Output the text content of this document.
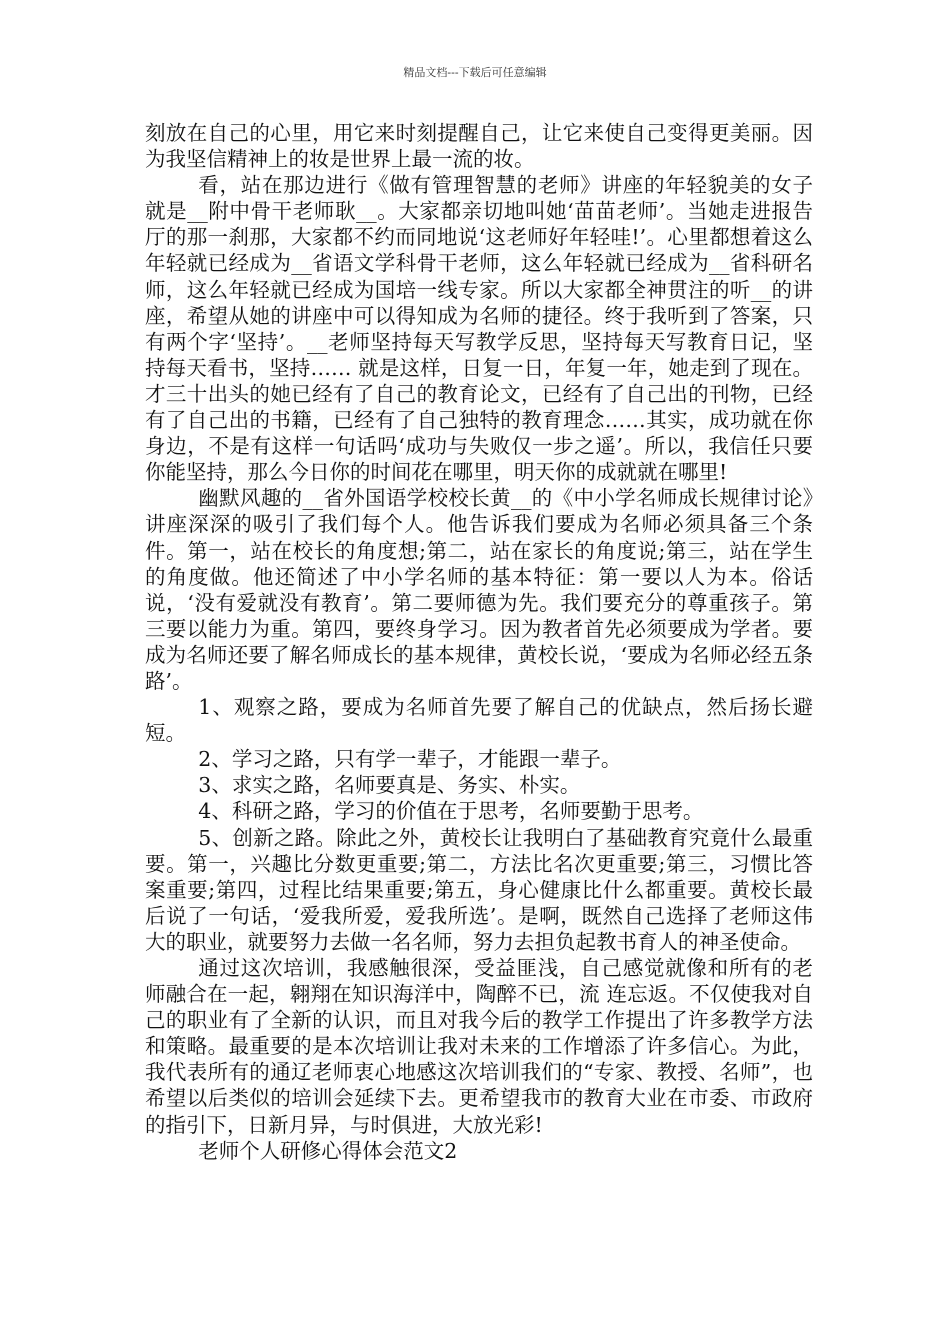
精品文档---下载后可任意编辑

刻放在自己的心里，用它来时刻提醒自己，让它来使自己变得更美丽。因为我坚信精神上的妆是世界上最一流的妆。

看，站在那边进行《做有管理智慧的老师》讲座的年轻貌美的女子就是__附中骨干老师耿__。大家都亲切地叫她‘苗苗老师’。当她走进报告厅的那一刹那，大家都不约而同地说‘这老师好年轻哇!’。心里都想着这么年轻就已经成为__省语文学科骨干老师，这么年轻就已经成为__省科研名师，这么年轻就已经成为国培一线专家。所以大家都全神贯注的听__的讲座，希望从她的讲座中可以得知成为名师的捷径。终于我听到了答案，只有两个字‘坚持’。__老师坚持每天写教学反思，坚持每天写教育日记，坚持每天看书，坚持…… 就是这样，日复一日，年复一年，她走到了现在。才三十出头的她已经有了自己的教育论文，已经有了自己出的刊物，已经有了自己出的书籍，已经有了自己独特的教育理念……其实，成功就在你身边，不是有这样一句话吗‘成功与失败仅一步之遥’。所以，我信任只要你能坚持，那么今日你的时间花在哪里，明天你的成就就在哪里!

幽默风趣的__省外国语学校校长黄__的《中小学名师成长规律讨论》讲座深深的吸引了我们每个人。他告诉我们要成为名师必须具备三个条件。第一，站在校长的角度想;第二，站在家长的角度说;第三，站在学生的角度做。他还简述了中小学名师的基本特征：第一要以人为本。俗话说，‘没有爱就没有教育’。第二要师德为先。我们要充分的尊重孩子。第三要以能力为重。第四，要终身学习。因为教者首先必须要成为学者。要成为名师还要了解名师成长的基本规律，黄校长说，‘要成为名师必经五条路’。

1、观察之路，要成为名师首先要了解自己的优缺点，然后扬长避短。

2、学习之路，只有学一辈子，才能跟一辈子。

3、求实之路，名师要真是、务实、朴实。

4、科研之路，学习的价值在于思考，名师要勤于思考。

5、创新之路。除此之外，黄校长让我明白了基础教育究竟什么最重要。第一，兴趣比分数更重要;第二，方法比名次更重要;第三，习惯比答案重要;第四，过程比结果重要;第五，身心健康比什么都重要。黄校长最后说了一句话，‘爱我所爱，爱我所选’。是啊，既然自己选择了老师这伟大的职业，就要努力去做一名名师，努力去担负起教书育人的神圣使命。

通过这次培训，我感触很深，受益匪浅，自己感觉就像和所有的老师融合在一起，翱翔在知识海洋中，陶醉不已，流 连忘返。不仅使我对自己的职业有了全新的认识，而且对我今后的教学工作提出了许多教学方法和策略。最重要的是本次培训让我对未来的工作增添了许多信心。为此，我代表所有的通辽老师衷心地感这次培训我们的“专家、教授、名师”，也希望以后类似的培训会延续下去。更希望我市的教育大业在市委、市政府的指引下，日新月异，与时俱进，大放光彩!

老师个人研修心得体会范文2
